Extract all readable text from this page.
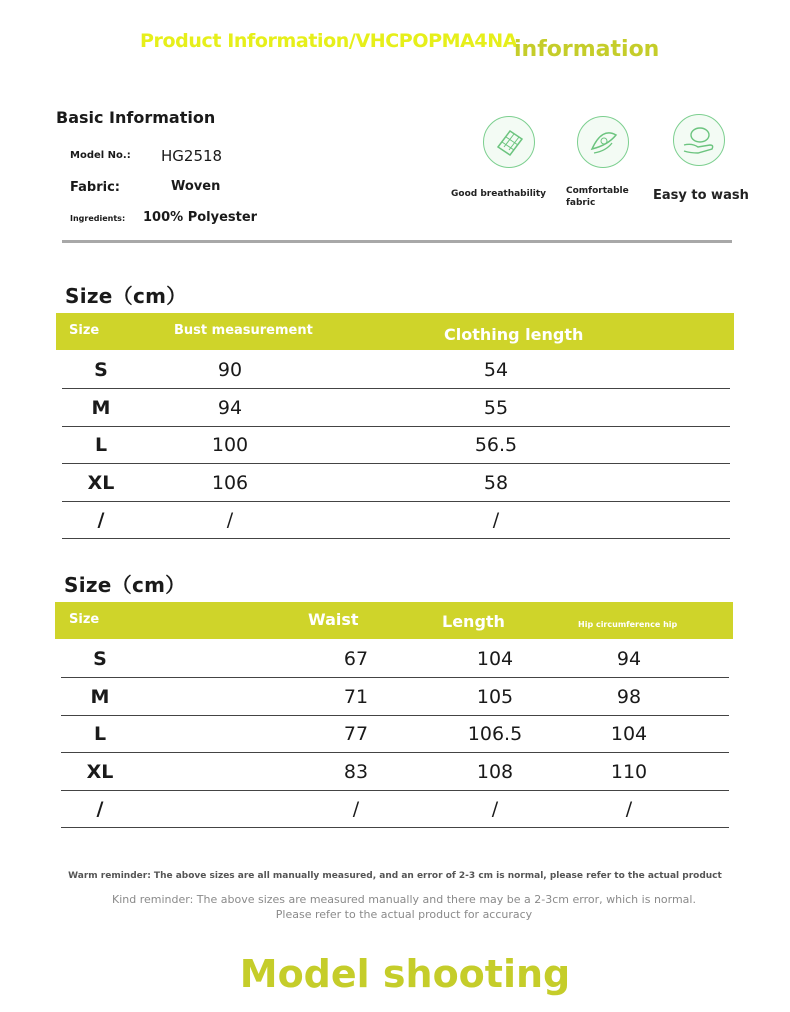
Product Information/VHCPOPMA4NA
information
Basic Information
Model No.: HG2518
Fabric:	Woven
Ingredients: 100% Polyester
Good breathability Comfortable fabric	Easy to wash
Size（cm）
Size	Bust measurement	Clothing length
S	90	54
M	94	55
L	100	56.5
XL	106	58
/	/	/
Size（cm）
Size	Waist	Length	Hip circumference hip
S	67	104	94
M	71	105	98
L	77	106.5	104
XL	83	108	110
/	/	/	/
Warm reminder: The above sizes are all manually measured, and an error of 2-3 cm is normal, please refer to the actual product
Kind reminder: The above sizes are measured manually and there may be a 2-3cm error, which is normal.
Please refer to the actual product for accuracy
Model shooting
